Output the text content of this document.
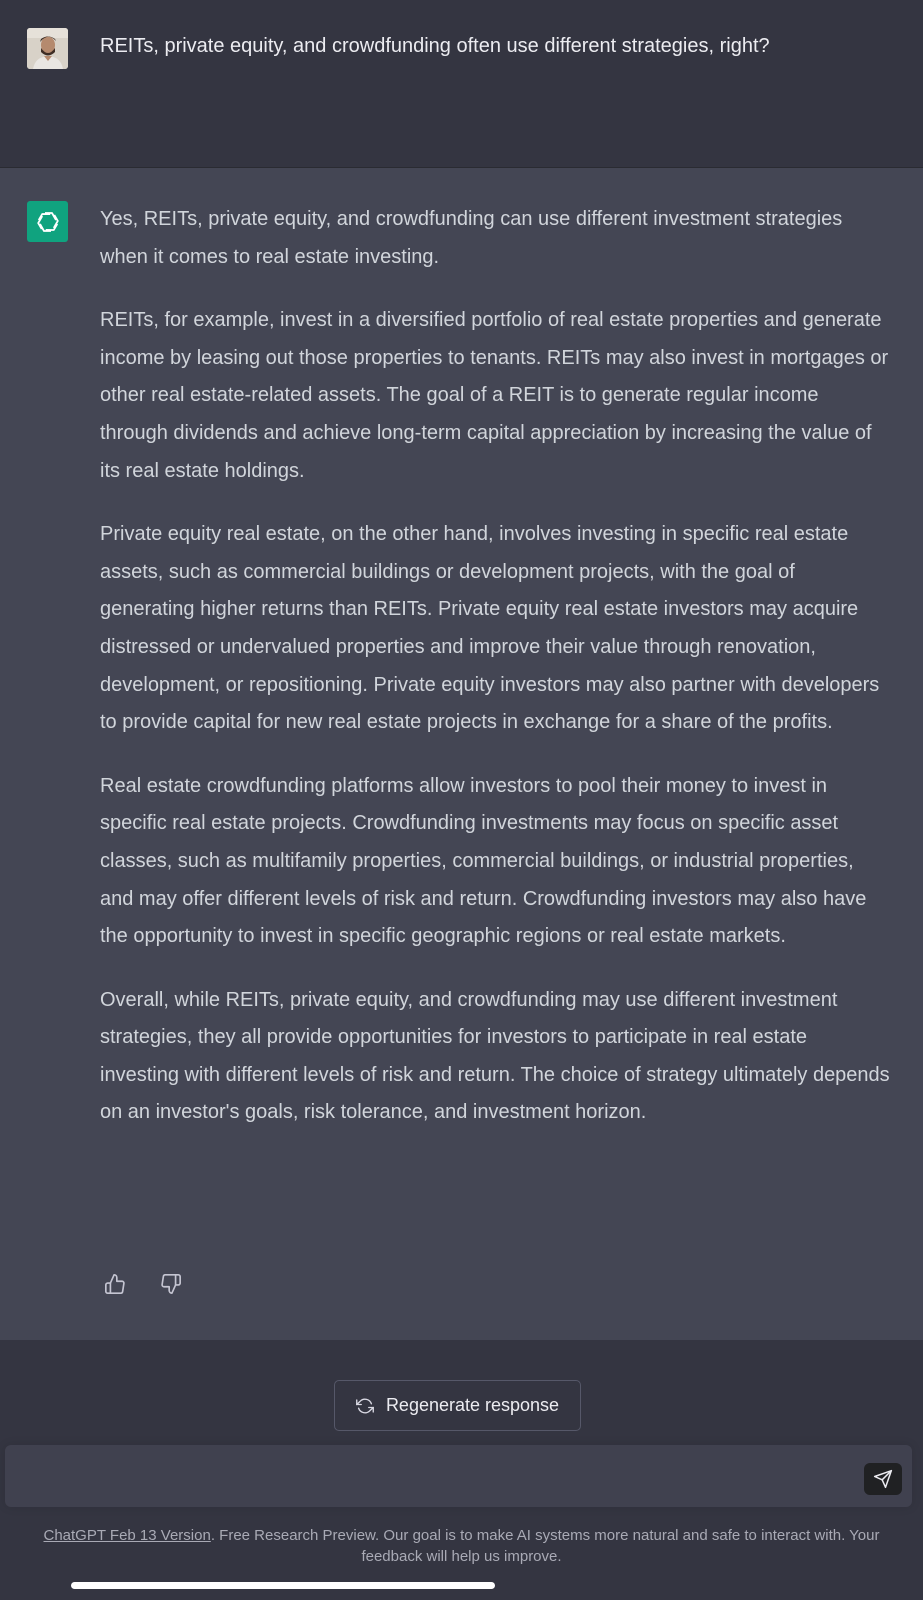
REITs, private equity, and crowdfunding often use different strategies, right?

Yes, REITs, private equity, and crowdfunding can use different investment strategies when it comes to real estate investing.

REITs, for example, invest in a diversified portfolio of real estate properties and generate income by leasing out those properties to tenants. REITs may also invest in mortgages or other real estate-related assets. The goal of a REIT is to generate regular income through dividends and achieve long-term capital appreciation by increasing the value of its real estate holdings.

Private equity real estate, on the other hand, involves investing in specific real estate assets, such as commercial buildings or development projects, with the goal of generating higher returns than REITs. Private equity real estate investors may acquire distressed or undervalued properties and improve their value through renovation, development, or repositioning. Private equity investors may also partner with developers to provide capital for new real estate projects in exchange for a share of the profits.

Real estate crowdfunding platforms allow investors to pool their money to invest in specific real estate projects. Crowdfunding investments may focus on specific asset classes, such as multifamily properties, commercial buildings, or industrial properties, and may offer different levels of risk and return. Crowdfunding investors may also have the opportunity to invest in specific geographic regions or real estate markets.

Overall, while REITs, private equity, and crowdfunding may use different investment strategies, they all provide opportunities for investors to participate in real estate investing with different levels of risk and return. The choice of strategy ultimately depends on an investor's goals, risk tolerance, and investment horizon.

Regenerate response
ChatGPT Feb 13 Version. Free Research Preview. Our goal is to make AI systems more natural and safe to interact with. Your feedback will help us improve.
